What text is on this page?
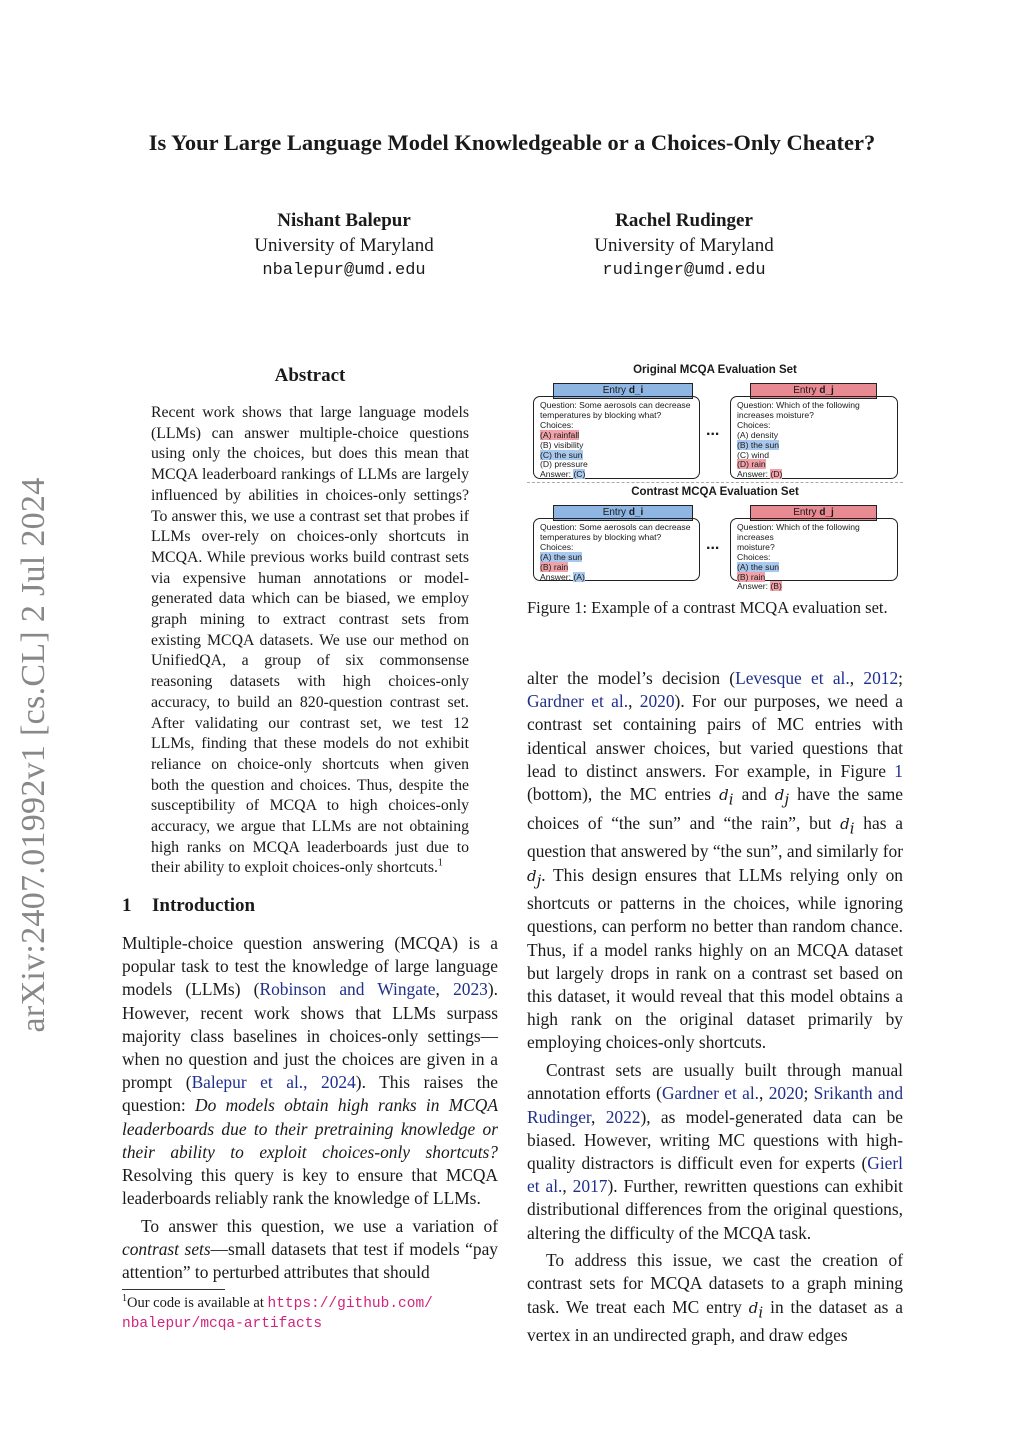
Is Your Large Language Model Knowledgeable or a Choices-Only Cheater?
Nishant Balepur
University of Maryland
nbalepur@umd.edu
Rachel Rudinger
University of Maryland
rudinger@umd.edu
arXiv:2407.01992v1 [cs.CL] 2 Jul 2024
Abstract
Recent work shows that large language models (LLMs) can answer multiple-choice questions using only the choices, but does this mean that MCQA leaderboard rankings of LLMs are largely influenced by abilities in choices-only settings? To answer this, we use a contrast set that probes if LLMs over-rely on choices-only shortcuts in MCQA. While previous works build contrast sets via expensive human annotations or model-generated data which can be biased, we employ graph mining to extract contrast sets from existing MCQA datasets. We use our method on UnifiedQA, a group of six commonsense reasoning datasets with high choices-only accuracy, to build an 820-question contrast set. After validating our contrast set, we test 12 LLMs, finding that these models do not exhibit reliance on choice-only shortcuts when given both the question and choices. Thus, despite the susceptibility of MCQA to high choices-only accuracy, we argue that LLMs are not obtaining high ranks on MCQA leaderboards just due to their ability to exploit choices-only shortcuts.$^1$
1 Introduction

Multiple-choice question answering (MCQA) is a popular task to test the knowledge of large language models (LLMs) (Robinson and Wingate, 2023). However, recent work shows that LLMs surpass majority class baselines in choices-only settings—when no question and just the choices are given in a prompt (Balepur et al., 2024). This raises the question: Do models obtain high ranks in MCQA leaderboards due to their pretraining knowledge or their ability to exploit choices-only shortcuts? Resolving this query is key to ensure that MCQA leaderboards reliably rank the knowledge of LLMs.

To answer this question, we use a variation of contrast sets—small datasets that test if models “pay attention” to perturbed attributes that should

$^1$Our code is available at https://github.com/
nbalepur/mcqa-artifacts
Original MCQA Evaluation Set
Entry d_i
Question: Some aerosols can decrease
temperatures by blocking what?
Choices:
(A) rainfall
(B) visibility
(C) the sun
(D) pressure
Answer: (C)
...
Entry d_j
Question: Which of the following
increases moisture?
Choices:
(A) density
(B) the sun
(C) wind
(D) rain
Answer: (D)
Contrast MCQA Evaluation Set
Entry d_i
Question: Some aerosols can decrease
temperatures by blocking what?
Choices:
(A) the sun
(B) rain
Answer: (A)
...
Entry d_j
Question: Which of the following increases
moisture?
Choices:
(A) the sun
(B) rain
Answer: (B)
Figure 1: Example of a contrast MCQA evaluation set.

alter the model’s decision (Levesque et al., 2012; Gardner et al., 2020). For our purposes, we need a contrast set containing pairs of MC entries with identical answer choices, but varied questions that lead to distinct answers. For example, in Figure 1 (bottom), the MC entries $d_i$ and $d_j$ have the same choices of “the sun” and “the rain”, but $d_i$ has a question that answered by “the sun”, and similarly for $d_j$. This design ensures that LLMs relying only on shortcuts or patterns in the choices, while ignoring questions, can perform no better than random chance. Thus, if a model ranks highly on an MCQA dataset but largely drops in rank on a contrast set based on this dataset, it would reveal that this model obtains a high rank on the original dataset primarily by employing choices-only shortcuts.

Contrast sets are usually built through manual annotation efforts (Gardner et al., 2020; Srikanth and Rudinger, 2022), as model-generated data can be biased. However, writing MC questions with high-quality distractors is difficult even for experts (Gierl et al., 2017). Further, rewritten questions can exhibit distributional differences from the original questions, altering the difficulty of the MCQA task.

To address this issue, we cast the creation of contrast sets for MCQA datasets to a graph mining task. We treat each MC entry $d_i$ in the dataset as a vertex in an undirected graph, and draw edges
